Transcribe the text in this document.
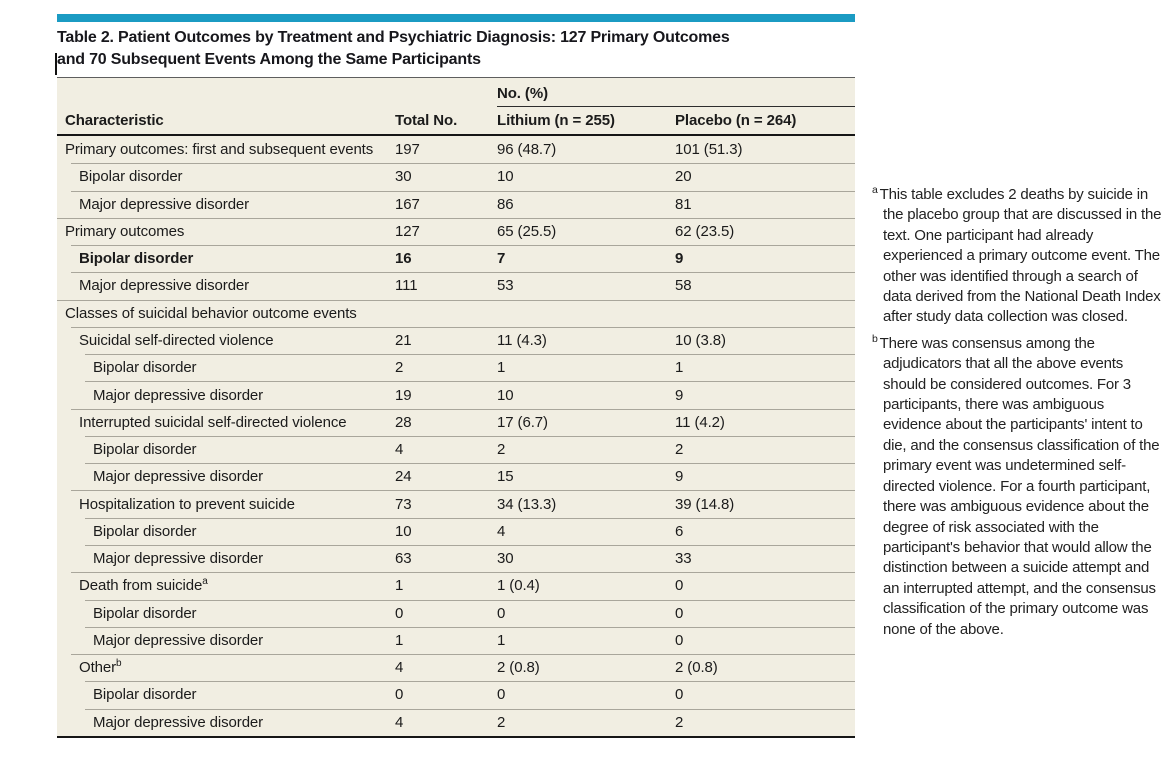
Table 2. Patient Outcomes by Treatment and Psychiatric Diagnosis: 127 Primary Outcomes
and 70 Subsequent Events Among the Same Participants
No. (%)
Characteristic	Total No.	Lithium (n = 255)	Placebo (n = 264)
Primary outcomes: first and subsequent events	197	96 (48.7)	101 (51.3)
Bipolar disorder	30	10	20
Major depressive disorder	167	86	81
Primary outcomes	127	65 (25.5)	62 (23.5)
Bipolar disorder	16	7	9
Major depressive disorder	111	53	58
Classes of suicidal behavior outcome events
Suicidal self-directed violence	21	11 (4.3)	10 (3.8)
Bipolar disorder	2	1	1
Major depressive disorder	19	10	9
Interrupted suicidal self-directed violence	28	17 (6.7)	11 (4.2)
Bipolar disorder	4	2	2
Major depressive disorder	24	15	9
Hospitalization to prevent suicide	73	34 (13.3)	39 (14.8)
Bipolar disorder	10	4	6
Major depressive disorder	63	30	33
Death from suicide$^a$	1	1 (0.4)	0
Bipolar disorder	0	0	0
Major depressive disorder	1	1	0
Other$^b$	4	2 (0.8)	2 (0.8)
Bipolar disorder	0	0	0
Major depressive disorder	4	2	2
$^a$ This table excludes 2 deaths by suicide in the placebo group that are discussed in the text. One participant had already experienced a primary outcome event. The other was identified through a search of data derived from the National Death Index after study data collection was closed.
$^b$ There was consensus among the adjudicators that all the above events should be considered outcomes. For 3 participants, there was ambiguous evidence about the participants' intent to die, and the consensus classification of the primary event was undetermined self-directed violence. For a fourth participant, there was ambiguous evidence about the degree of risk associated with the participant's behavior that would allow the distinction between a suicide attempt and an interrupted attempt, and the consensus classification of the primary outcome was none of the above.
